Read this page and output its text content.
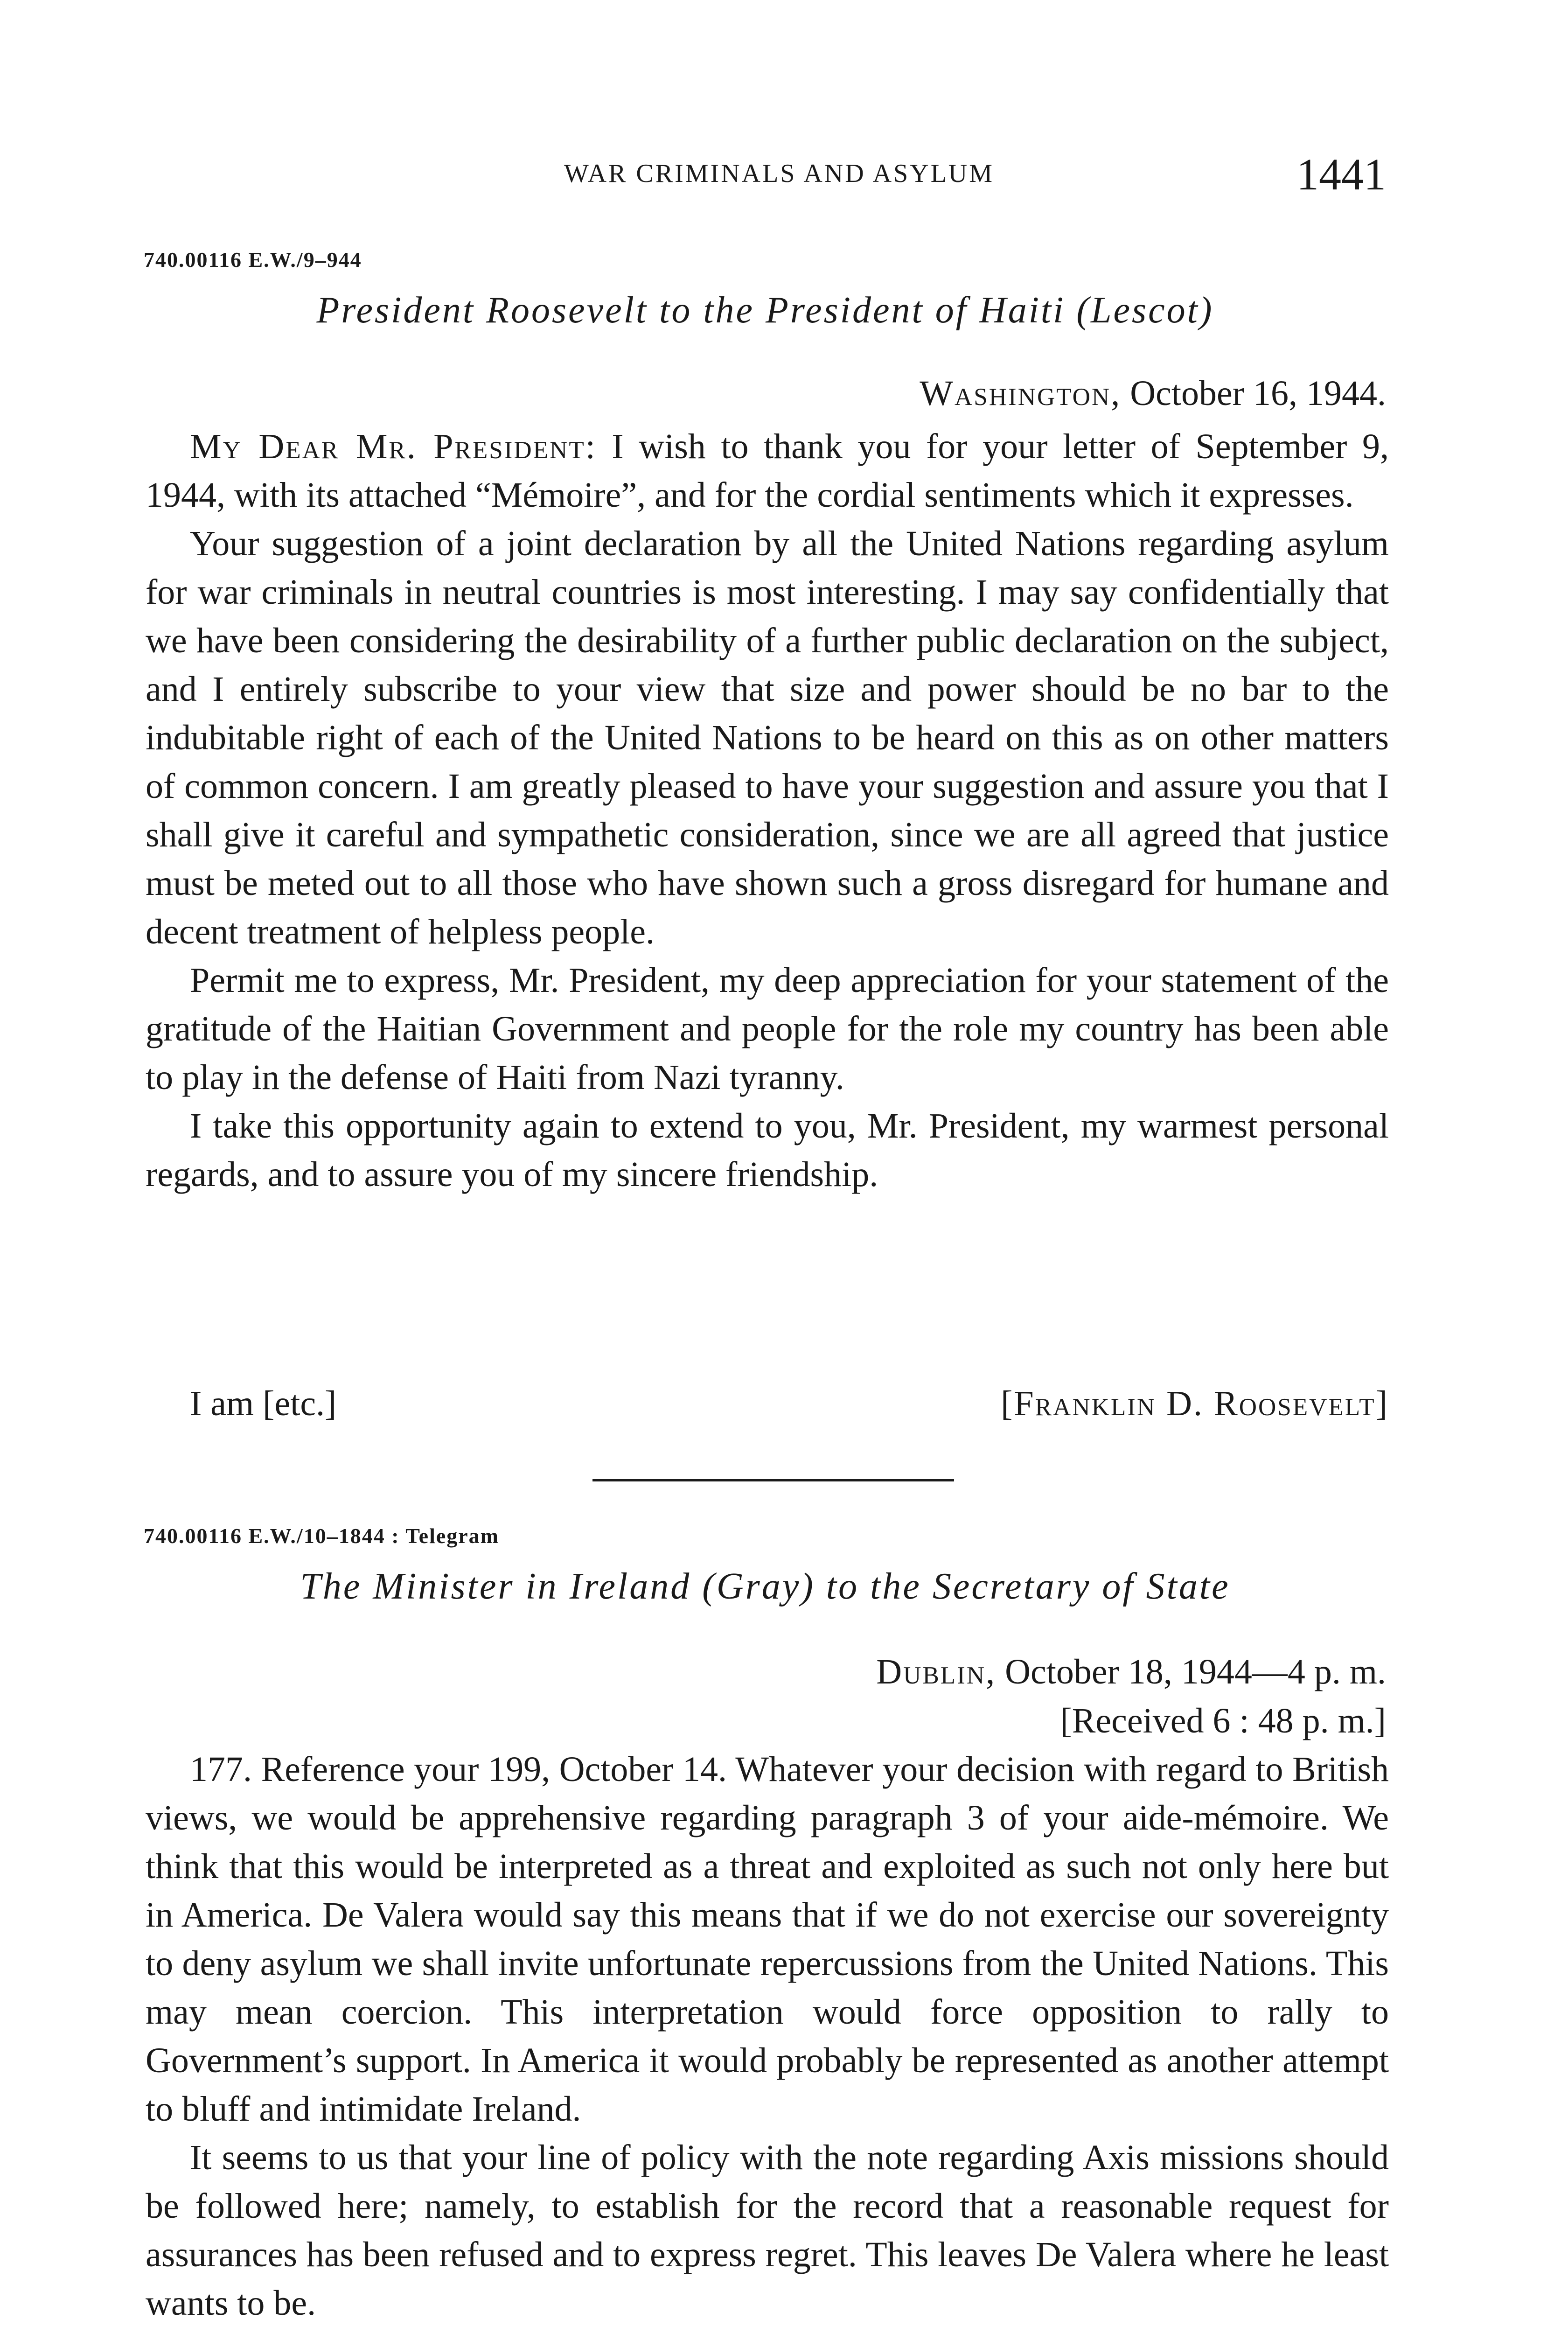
WAR CRIMINALS AND ASYLUM	1441
740.00116 E.W./9–944
President Roosevelt to the President of Haiti (Lescot)
Washington, October 16, 1944.

My Dear Mr. President: I wish to thank you for your letter of September 9, 1944, with its attached “Mémoire”, and for the cordial sentiments which it expresses.

Your suggestion of a joint declaration by all the United Nations regarding asylum for war criminals in neutral countries is most interesting. I may say confidentially that we have been considering the desirability of a further public declaration on the subject, and I entirely subscribe to your view that size and power should be no bar to the indubitable right of each of the United Nations to be heard on this as on other matters of common concern. I am greatly pleased to have your suggestion and assure you that I shall give it careful and sympathetic consideration, since we are all agreed that justice must be meted out to all those who have shown such a gross disregard for humane and decent treatment of helpless people.

Permit me to express, Mr. President, my deep appreciation for your statement of the gratitude of the Haitian Government and people for the role my country has been able to play in the defense of Haiti from Nazi tyranny.

I take this opportunity again to extend to you, Mr. President, my warmest personal regards, and to assure you of my sincere friendship.

I am [etc.]	[Franklin D. Roosevelt]
740.00116 E.W./10–1844 : Telegram
The Minister in Ireland (Gray) to the Secretary of State
Dublin, October 18, 1944—4 p. m.
[Received 6 : 48 p. m.]

177. Reference your 199, October 14. Whatever your decision with regard to British views, we would be apprehensive regarding paragraph 3 of your aide-mémoire. We think that this would be interpreted as a threat and exploited as such not only here but in America. De Valera would say this means that if we do not exercise our sovereignty to deny asylum we shall invite unfortunate repercussions from the United Nations. This may mean coercion. This interpretation would force opposition to rally to Government’s support. In America it would probably be represented as another attempt to bluff and intimidate Ireland.

It seems to us that your line of policy with the note regarding Axis missions should be followed here; namely, to establish for the record that a reasonable request for assurances has been refused and to express regret. This leaves De Valera where he least wants to be.
